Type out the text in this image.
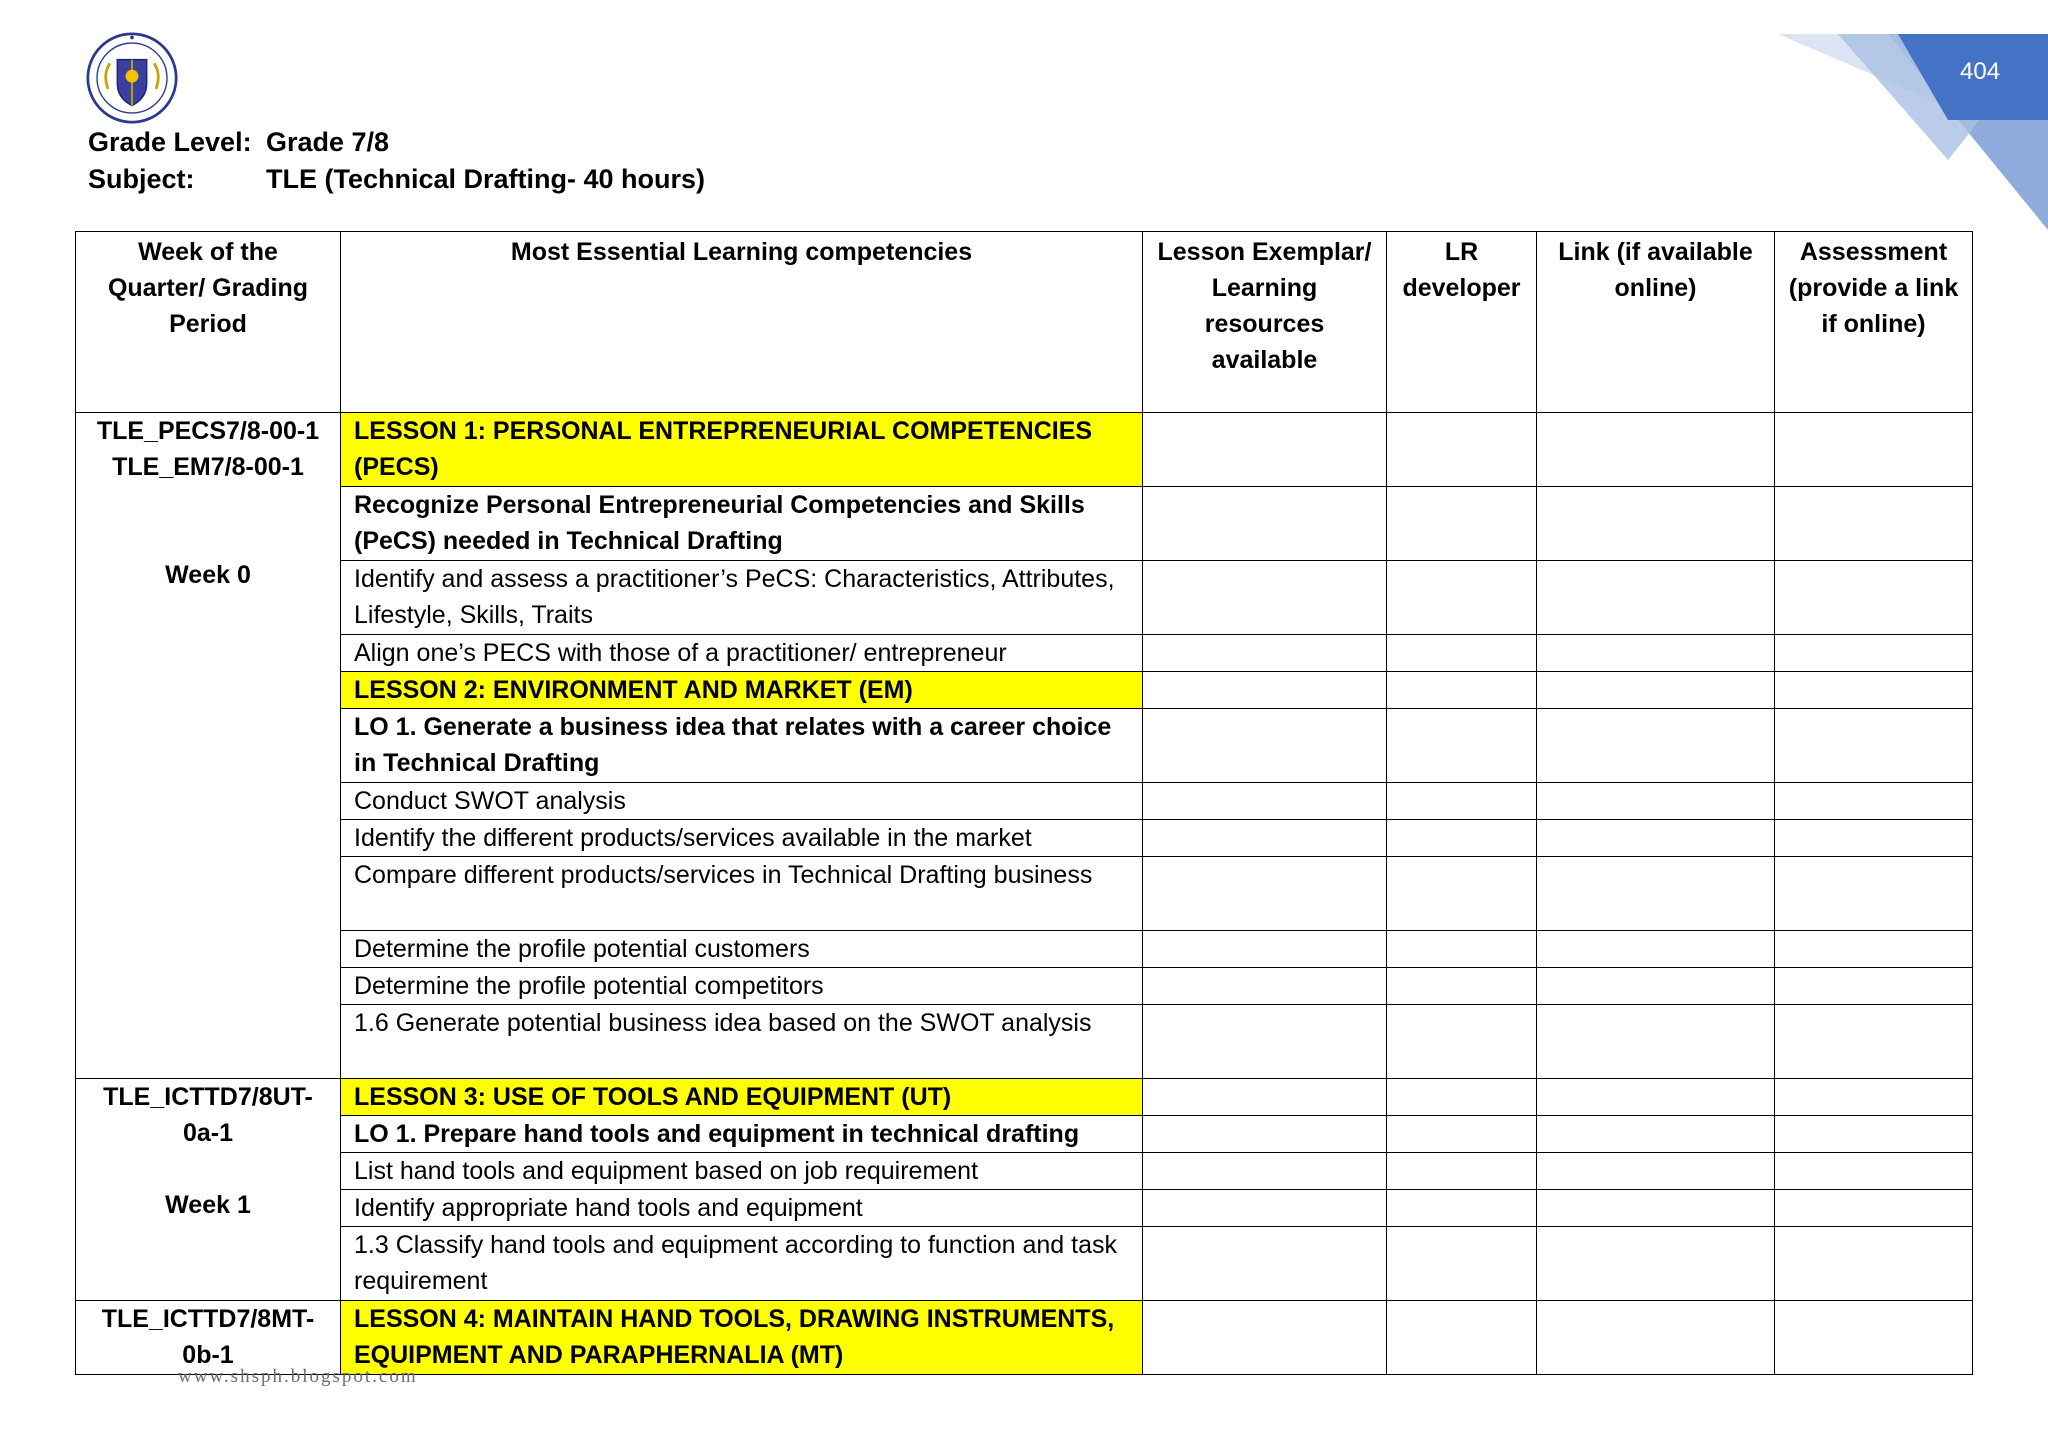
404
Grade Level: Grade 7/8
Subject:	TLE (Technical Drafting- 40 hours)
Week of the Quarter/ Grading Period	Most Essential Learning competencies	Lesson Exemplar/ Learning resources available	LR developer	Link (if available online)	Assessment (provide a link if online)
TLE_PECS7/8-00-1 TLE_EM7/8-00-1
Week 0	LESSON 1: PERSONAL ENTREPRENEURIAL COMPETENCIES (PECS)				
	Recognize Personal Entrepreneurial Competencies and Skills (PeCS) needed in Technical Drafting				
	Identify and assess a practitioner’s PeCS: Characteristics, Attributes, Lifestyle, Skills, Traits				
	Align one’s PECS with those of a practitioner/ entrepreneur				
	LESSON 2: ENVIRONMENT AND MARKET (EM)				
	LO 1. Generate a business idea that relates with a career choice in Technical Drafting				
	Conduct SWOT analysis				
	Identify the different products/services available in the market				
	Compare different products/services in Technical Drafting business				
	Determine the profile potential customers				
	Determine the profile potential competitors				
	1.6 Generate potential business idea based on the SWOT analysis				
TLE_ICTTD7/8UT-0a-1
Week 1	LESSON 3: USE OF TOOLS AND EQUIPMENT (UT)				
	LO 1. Prepare hand tools and equipment in technical drafting				
	List hand tools and equipment based on job requirement				
	Identify appropriate hand tools and equipment				
	1.3 Classify hand tools and equipment according to function and task requirement				
TLE_ICTTD7/8MT-0b-1	LESSON 4: MAINTAIN HAND TOOLS, DRAWING INSTRUMENTS, EQUIPMENT AND PARAPHERNALIA (MT)				
www.shsph.blogspot.com
